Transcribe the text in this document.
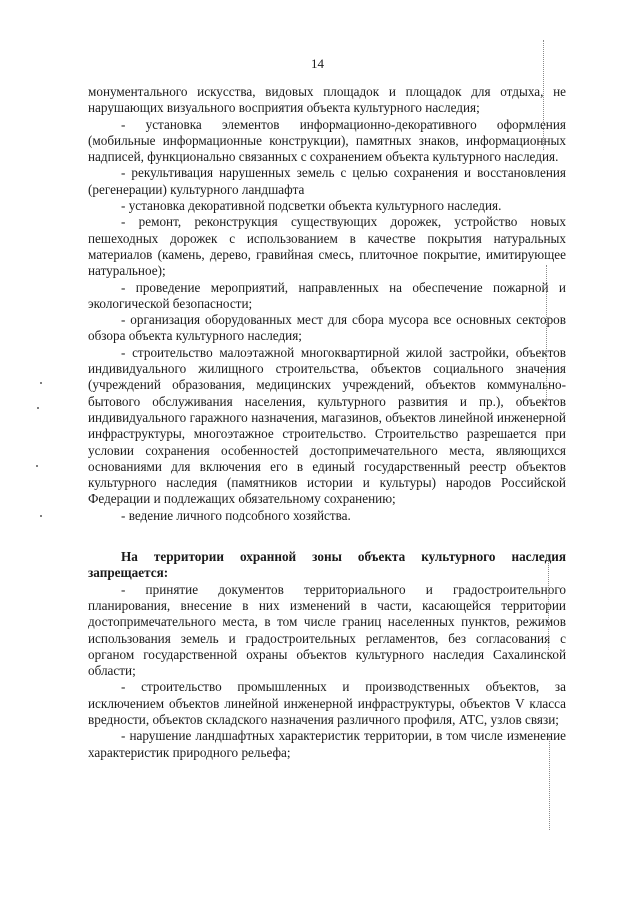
14

монументального искусства, видовых площадок и площадок для отдыха, не нарушающих визуального восприятия объекта культурного наследия;

- установка элементов информационно-декоративного оформления (мобильные информационные конструкции), памятных знаков, информационных надписей, функционально связанных с сохранением объекта культурного наследия.

- рекультивация нарушенных земель с целью сохранения и восстановления (регенерации) культурного ландшафта

- установка декоративной подсветки объекта культурного наследия.

- ремонт, реконструкция существующих дорожек, устройство новых пешеходных дорожек с использованием в качестве покрытия натуральных материалов (камень, дерево, гравийная смесь, плиточное покрытие, имитирующее натуральное);

- проведение мероприятий, направленных на обеспечение пожарной и экологической безопасности;

- организация оборудованных мест для сбора мусора все основных секторов обзора объекта культурного наследия;

- строительство малоэтажной многоквартирной жилой застройки, объектов индивидуального жилищного строительства, объектов социального значения (учреждений образования, медицинских учреждений, объектов коммунально-бытового обслуживания населения, культурного развития и пр.), объектов индивидуального гаражного назначения, магазинов, объектов линейной инженерной инфраструктуры, многоэтажное строительство. Строительство разрешается при условии сохранения особенностей достопримечательного места, являющихся основаниями для включения его в единый государственный реестр объектов культурного наследия (памятников истории и культуры) народов Российской Федерации и подлежащих обязательному сохранению;

- ведение личного подсобного хозяйства.

На территории охранной зоны объекта культурного наследия запрещается:

- принятие документов территориального и градостроительного планирования, внесение в них изменений в части, касающейся территории достопримечательного места, в том числе границ населенных пунктов, режимов использования земель и градостроительных регламентов, без согласования с органом государственной охраны объектов культурного наследия Сахалинской области;

- строительство промышленных и производственных объектов, за исключением объектов линейной инженерной инфраструктуры, объектов V класса вредности, объектов складского назначения различного профиля, АТС, узлов связи;

- нарушение ландшафтных характеристик территории, в том числе изменение характеристик природного рельефа;
